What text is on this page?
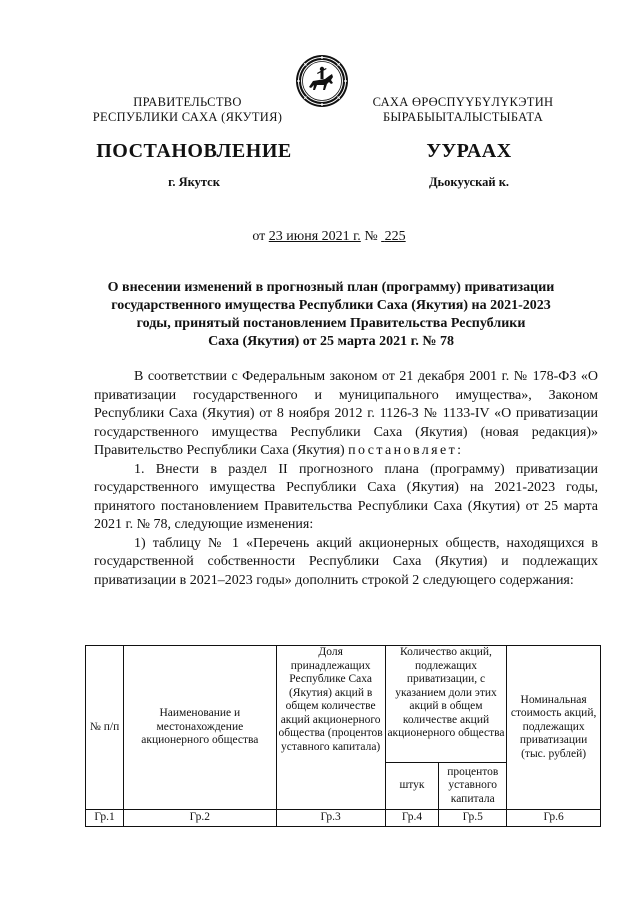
ПРАВИТЕЛЬСТВО
РЕСПУБЛИКИ САХА (ЯКУТИЯ)
САХА ӨРӨСПҮҮБҮЛҮКЭТИН
БЫРАБЫЫТАЛЫСТЫБАТА
ПОСТАНОВЛЕНИЕ	УУРААХ
г. Якутск	Дьокуускай к.
от 23 июня 2021 г. № 225
О внесении изменений в прогнозный план (программу) приватизации
государственного имущества Республики Саха (Якутия) на 2021-2023
годы, принятый постановлением Правительства Республики
Саха (Якутия) от 25 марта 2021 г. № 78

В соответствии с Федеральным законом от 21 декабря 2001 г. № 178-ФЗ «О приватизации государственного и муниципального имущества», Законом Республики Саха (Якутия) от 8 ноября 2012 г. 1126-З № 1133-IV «О приватизации государственного имущества Республики Саха (Якутия) (новая редакция)» Правительство Республики Саха (Якутия) постановляет:

1. Внести в раздел II прогнозного плана (программу) приватизации государственного имущества Республики Саха (Якутия) на 2021-2023 годы, принятого постановлением Правительства Республики Саха (Якутия) от 25 марта 2021 г. № 78, следующие изменения:

1) таблицу № 1 «Перечень акций акционерных обществ, находящихся в государственной собственности Республики Саха (Якутия) и подлежащих приватизации в 2021–2023 годы» дополнить строкой 2 следующего содержания:

№ п/п	Наименование и местонахождение акционерного общества	Доля принадлежащих Республике Саха (Якутия) акций в общем количестве акций акционерного общества (процентов уставного капитала)	Количество акций, подлежащих приватизации, с указанием доли этих акций в общем количестве акций акционерного общества		Номинальная стоимость акций, подлежащих приватизации (тыс. рублей)
			штук	процентов уставного капитала	
Гр.1	Гр.2	Гр.3	Гр.4	Гр.5	Гр.6
